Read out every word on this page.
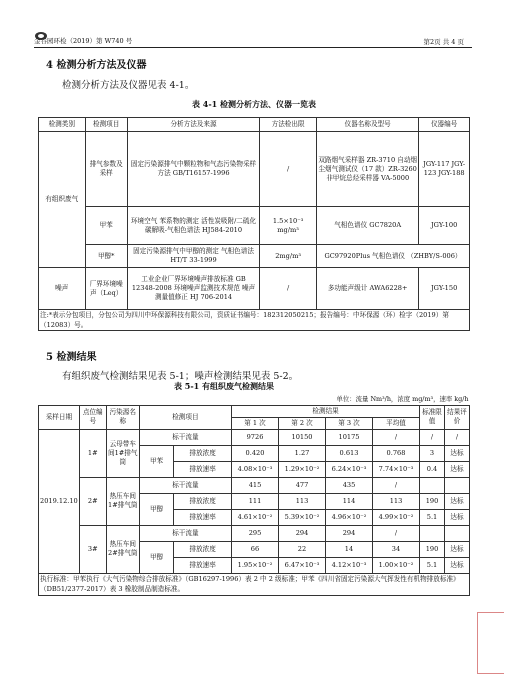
金谷园环检（2019）第 W740 号	第2页 共 4 页
4 检测分析方法及仪器
检测分析方法及仪器见表 4-1。
表 4-1 检测分析方法、仪器一览表
检测类别	检测项目	分析方法及来源	方法检出限	仪器名称及型号	仪器编号
有组织废气	排气参数及采样	固定污染源排气中颗粒物和气态污染物采样方法 GB/T16157-1996	/	双路烟气采样器 ZR-3710 自动烟尘烟气测试仪（17 款）ZR-3260 非甲烷总烃采样器 VA-5000	JGY-117 JGY-123 JGY-188
	甲苯	环境空气 苯系物的测定 活性炭吸附/二硫化碳解吸-气相色谱法 HJ584-2010	1.5×10⁻³ mg/m³	气相色谱仪 GC7820A	JGY-100
	甲醇*	固定污染源排气中甲醇的测定 气相色谱法 HT/T 33-1999	2mg/m³	GC97920Plus 气相色谱仪 （ZHBY/S-006）	
噪声	厂界环境噪声（Leq）	工业企业厂界环境噪声排放标准 GB 12348-2008 环境噪声监测技术规范 噪声测量值修正 HJ 706-2014	/	多功能声级计 AWA6228+	JGY-150
注:*表示分包项目，分包公司为四川中环保源科技有限公司，资质证书编号：182312050215；报告编号：中环保源（环）检字（2019）第（12083）号。					
5 检测结果
有组织废气检测结果见表 5-1；噪声检测结果见表 5-2。
表 5-1 有组织废气检测结果
单位：流量 Nm³/h，浓度 mg/m³，速率 kg/h										
采样日期	点位编号	污染源名称	检测项目		检测结果				标准限值	结果评价
					第 1 次	第 2 次	第 3 次	平均值		
2019.12.10	1#	云母带车间1#排气筒	标干流量		9726	10150	10175	/	/	/
			甲苯	排放浓度	0.420	1.27	0.613	0.768	3	达标
				排放速率	4.08×10⁻³	1.29×10⁻²	6.24×10⁻³	7.74×10⁻³	0.4	达标
	2#	热压车间1#排气筒	标干流量		415	477	435	/		
			甲醇	排放浓度	111	113	114	113	190	达标
				排放速率	4.61×10⁻²	5.39×10⁻²	4.96×10⁻²	4.99×10⁻²	5.1	达标
	3#	热压车间2#排气筒	标干流量		295	294	294	/		
			甲醇	排放浓度	66	22	14	34	190	达标
				排放速率	1.95×10⁻²	6.47×10⁻³	4.12×10⁻³	1.00×10⁻²	5.1	达标
执行标准：甲苯执行《大气污染物综合排放标准》（GB16297-1996）表 2 中 2 级标准；甲苯《四川省固定污染源大气挥发性有机物排放标准》（DB51/2377-2017）表 3 橡胶制品制造标准。										
